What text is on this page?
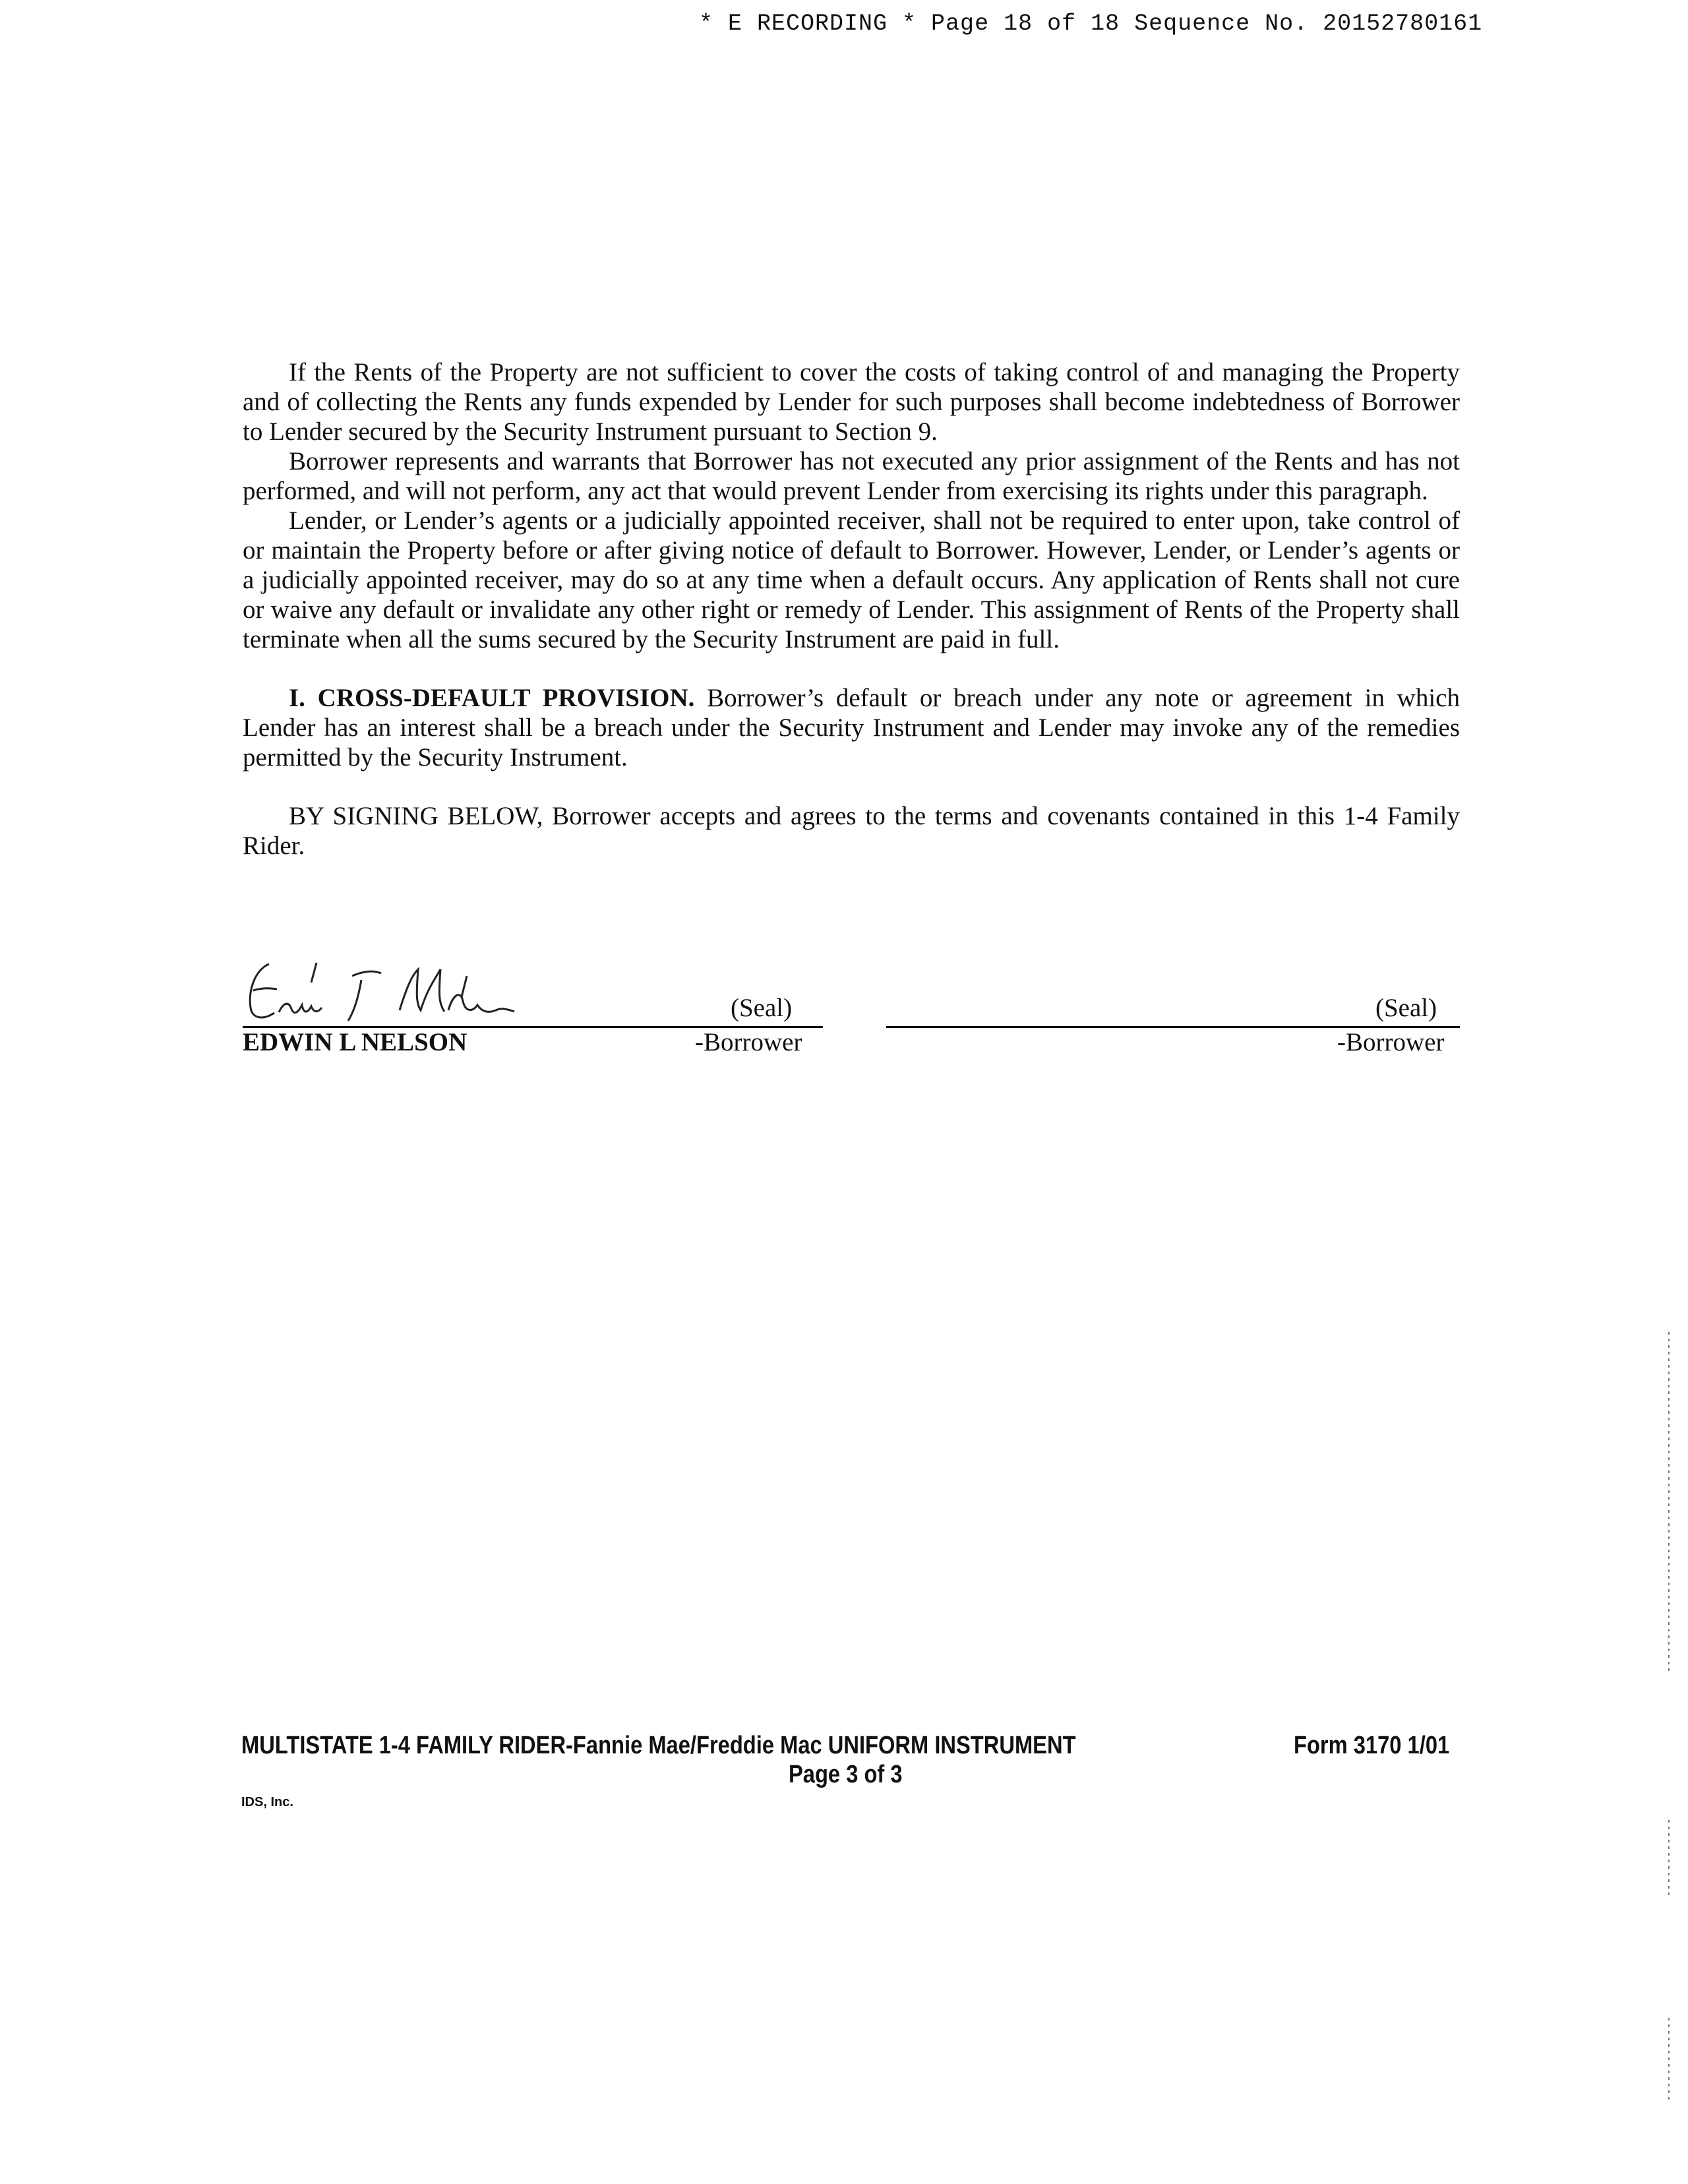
* E RECORDING * Page 18 of 18 Sequence No. 20152780161

If the Rents of the Property are not sufficient to cover the costs of taking control of and managing the Property and of collecting the Rents any funds expended by Lender for such purposes shall become indebtedness of Borrower to Lender secured by the Security Instrument pursuant to Section 9.

Borrower represents and warrants that Borrower has not executed any prior assignment of the Rents and has not performed, and will not perform, any act that would prevent Lender from exercising its rights under this paragraph.

Lender, or Lender’s agents or a judicially appointed receiver, shall not be required to enter upon, take control of or maintain the Property before or after giving notice of default to Borrower. However, Lender, or Lender’s agents or a judicially appointed receiver, may do so at any time when a default occurs. Any application of Rents shall not cure or waive any default or invalidate any other right or remedy of Lender. This assignment of Rents of the Property shall terminate when all the sums secured by the Security Instrument are paid in full.

I. CROSS-DEFAULT PROVISION. Borrower’s default or breach under any note or agreement in which Lender has an interest shall be a breach under the Security Instrument and Lender may invoke any of the remedies permitted by the Security Instrument.

BY SIGNING BELOW, Borrower accepts and agrees to the terms and covenants contained in this 1-4 Family Rider.

(Seal)
EDWIN L NELSON	-Borrower
(Seal)
-Borrower
MULTISTATE 1-4 FAMILY RIDER-Fannie Mae/Freddie Mac UNIFORM INSTRUMENT	Form 3170 1/01
Page 3 of 3
IDS, Inc.
